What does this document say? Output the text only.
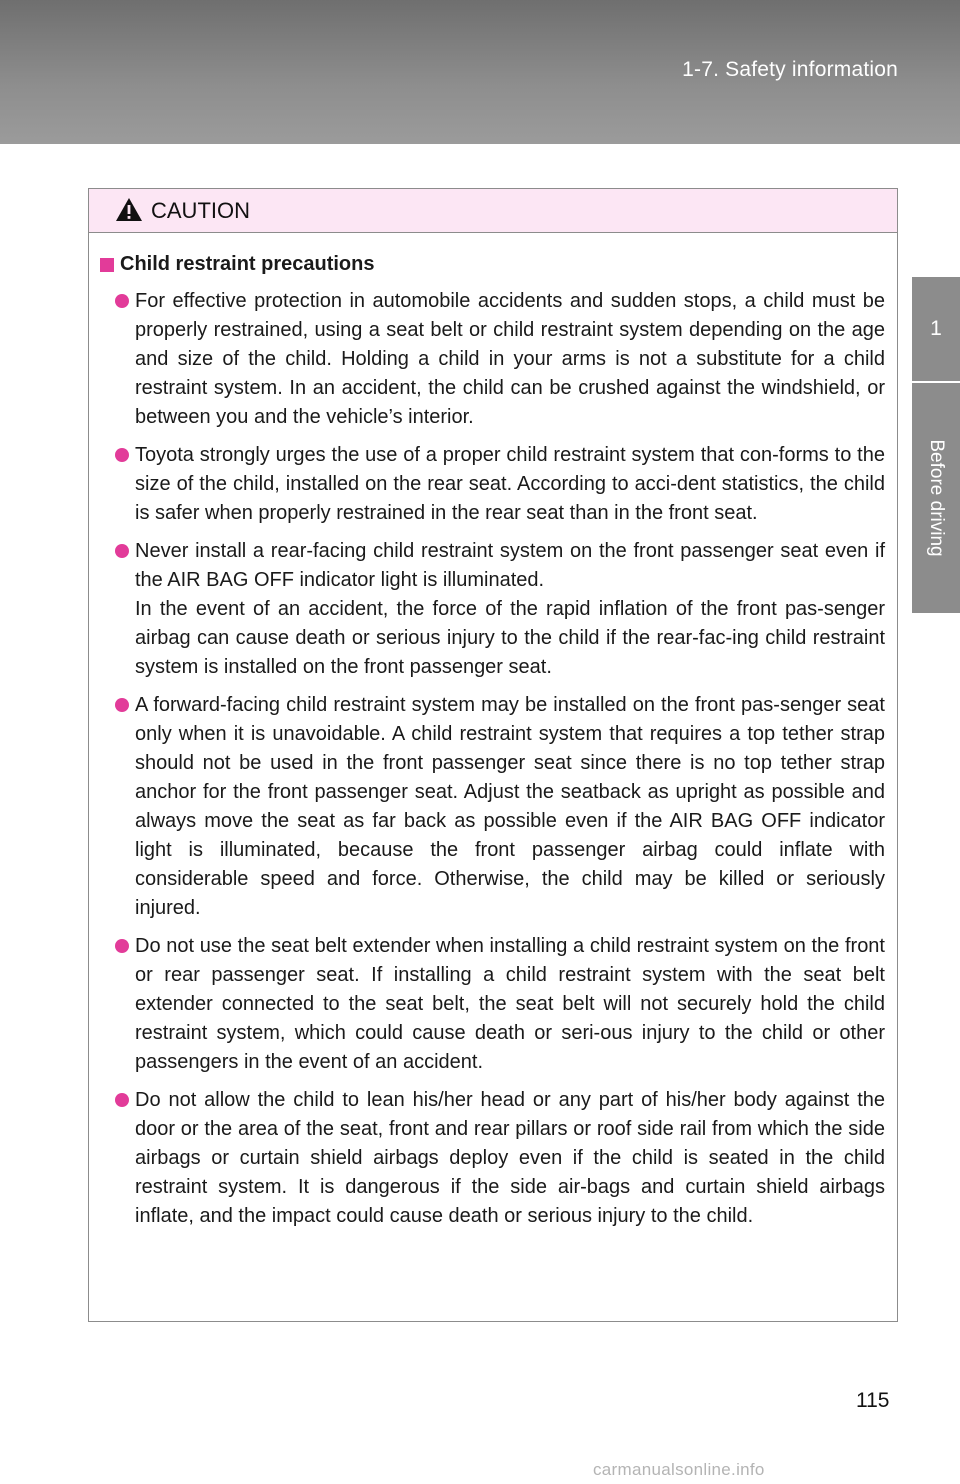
1-7. Safety information
1
Before driving
CAUTION
Child restraint precautions

For effective protection in automobile accidents and sudden stops, a child must be properly restrained, using a seat belt or child restraint system depending on the age and size of the child. Holding a child in your arms is not a substitute for a child restraint system. In an accident, the child can be crushed against the windshield, or between you and the vehicle’s interior.

Toyota strongly urges the use of a proper child restraint system that con-forms to the size of the child, installed on the rear seat. According to acci-dent statistics, the child is safer when properly restrained in the rear seat than in the front seat.

Never install a rear-facing child restraint system on the front passenger seat even if the AIR BAG OFF indicator light is illuminated.

In the event of an accident, the force of the rapid inflation of the front pas-senger airbag can cause death or serious injury to the child if the rear-fac-ing child restraint system is installed on the front passenger seat.

A forward-facing child restraint system may be installed on the front pas-senger seat only when it is unavoidable. A child restraint system that requires a top tether strap should not be used in the front passenger seat since there is no top tether strap anchor for the front passenger seat. Adjust the seatback as upright as possible and always move the seat as far back as possible even if the AIR BAG OFF indicator light is illuminated, because the front passenger airbag could inflate with considerable speed and force. Otherwise, the child may be killed or seriously injured.

Do not use the seat belt extender when installing a child restraint system on the front or rear passenger seat. If installing a child restraint system with the seat belt extender connected to the seat belt, the seat belt will not securely hold the child restraint system, which could cause death or seri-ous injury to the child or other passengers in the event of an accident.

Do not allow the child to lean his/her head or any part of his/her body against the door or the area of the seat, front and rear pillars or roof side rail from which the side airbags or curtain shield airbags deploy even if the child is seated in the child restraint system. It is dangerous if the side air-bags and curtain shield airbags inflate, and the impact could cause death or serious injury to the child.

115
carmanualsonline.info
